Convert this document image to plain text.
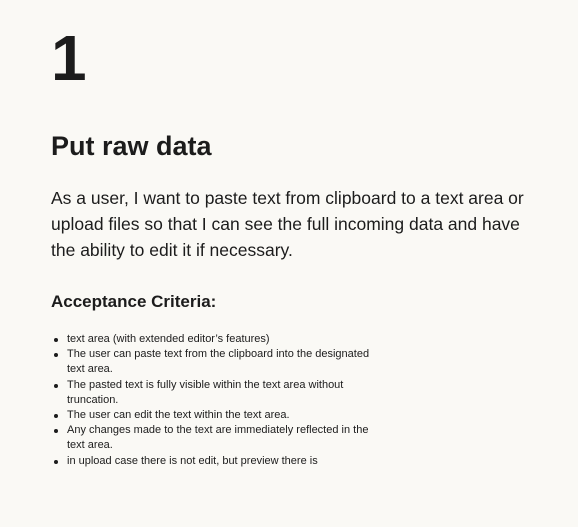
1
Put raw data

As a user, I want to paste text from clipboard to a text area or upload files so that I can see the full incoming data and have the ability to edit it if necessary.

Acceptance Criteria:
text area (with extended editor’s features)
The user can paste text from the clipboard into the designated text area.
The pasted text is fully visible within the text area without truncation.
The user can edit the text within the text area.
Any changes made to the text are immediately reflected in the text area.
in upload case there is not edit, but preview there is
